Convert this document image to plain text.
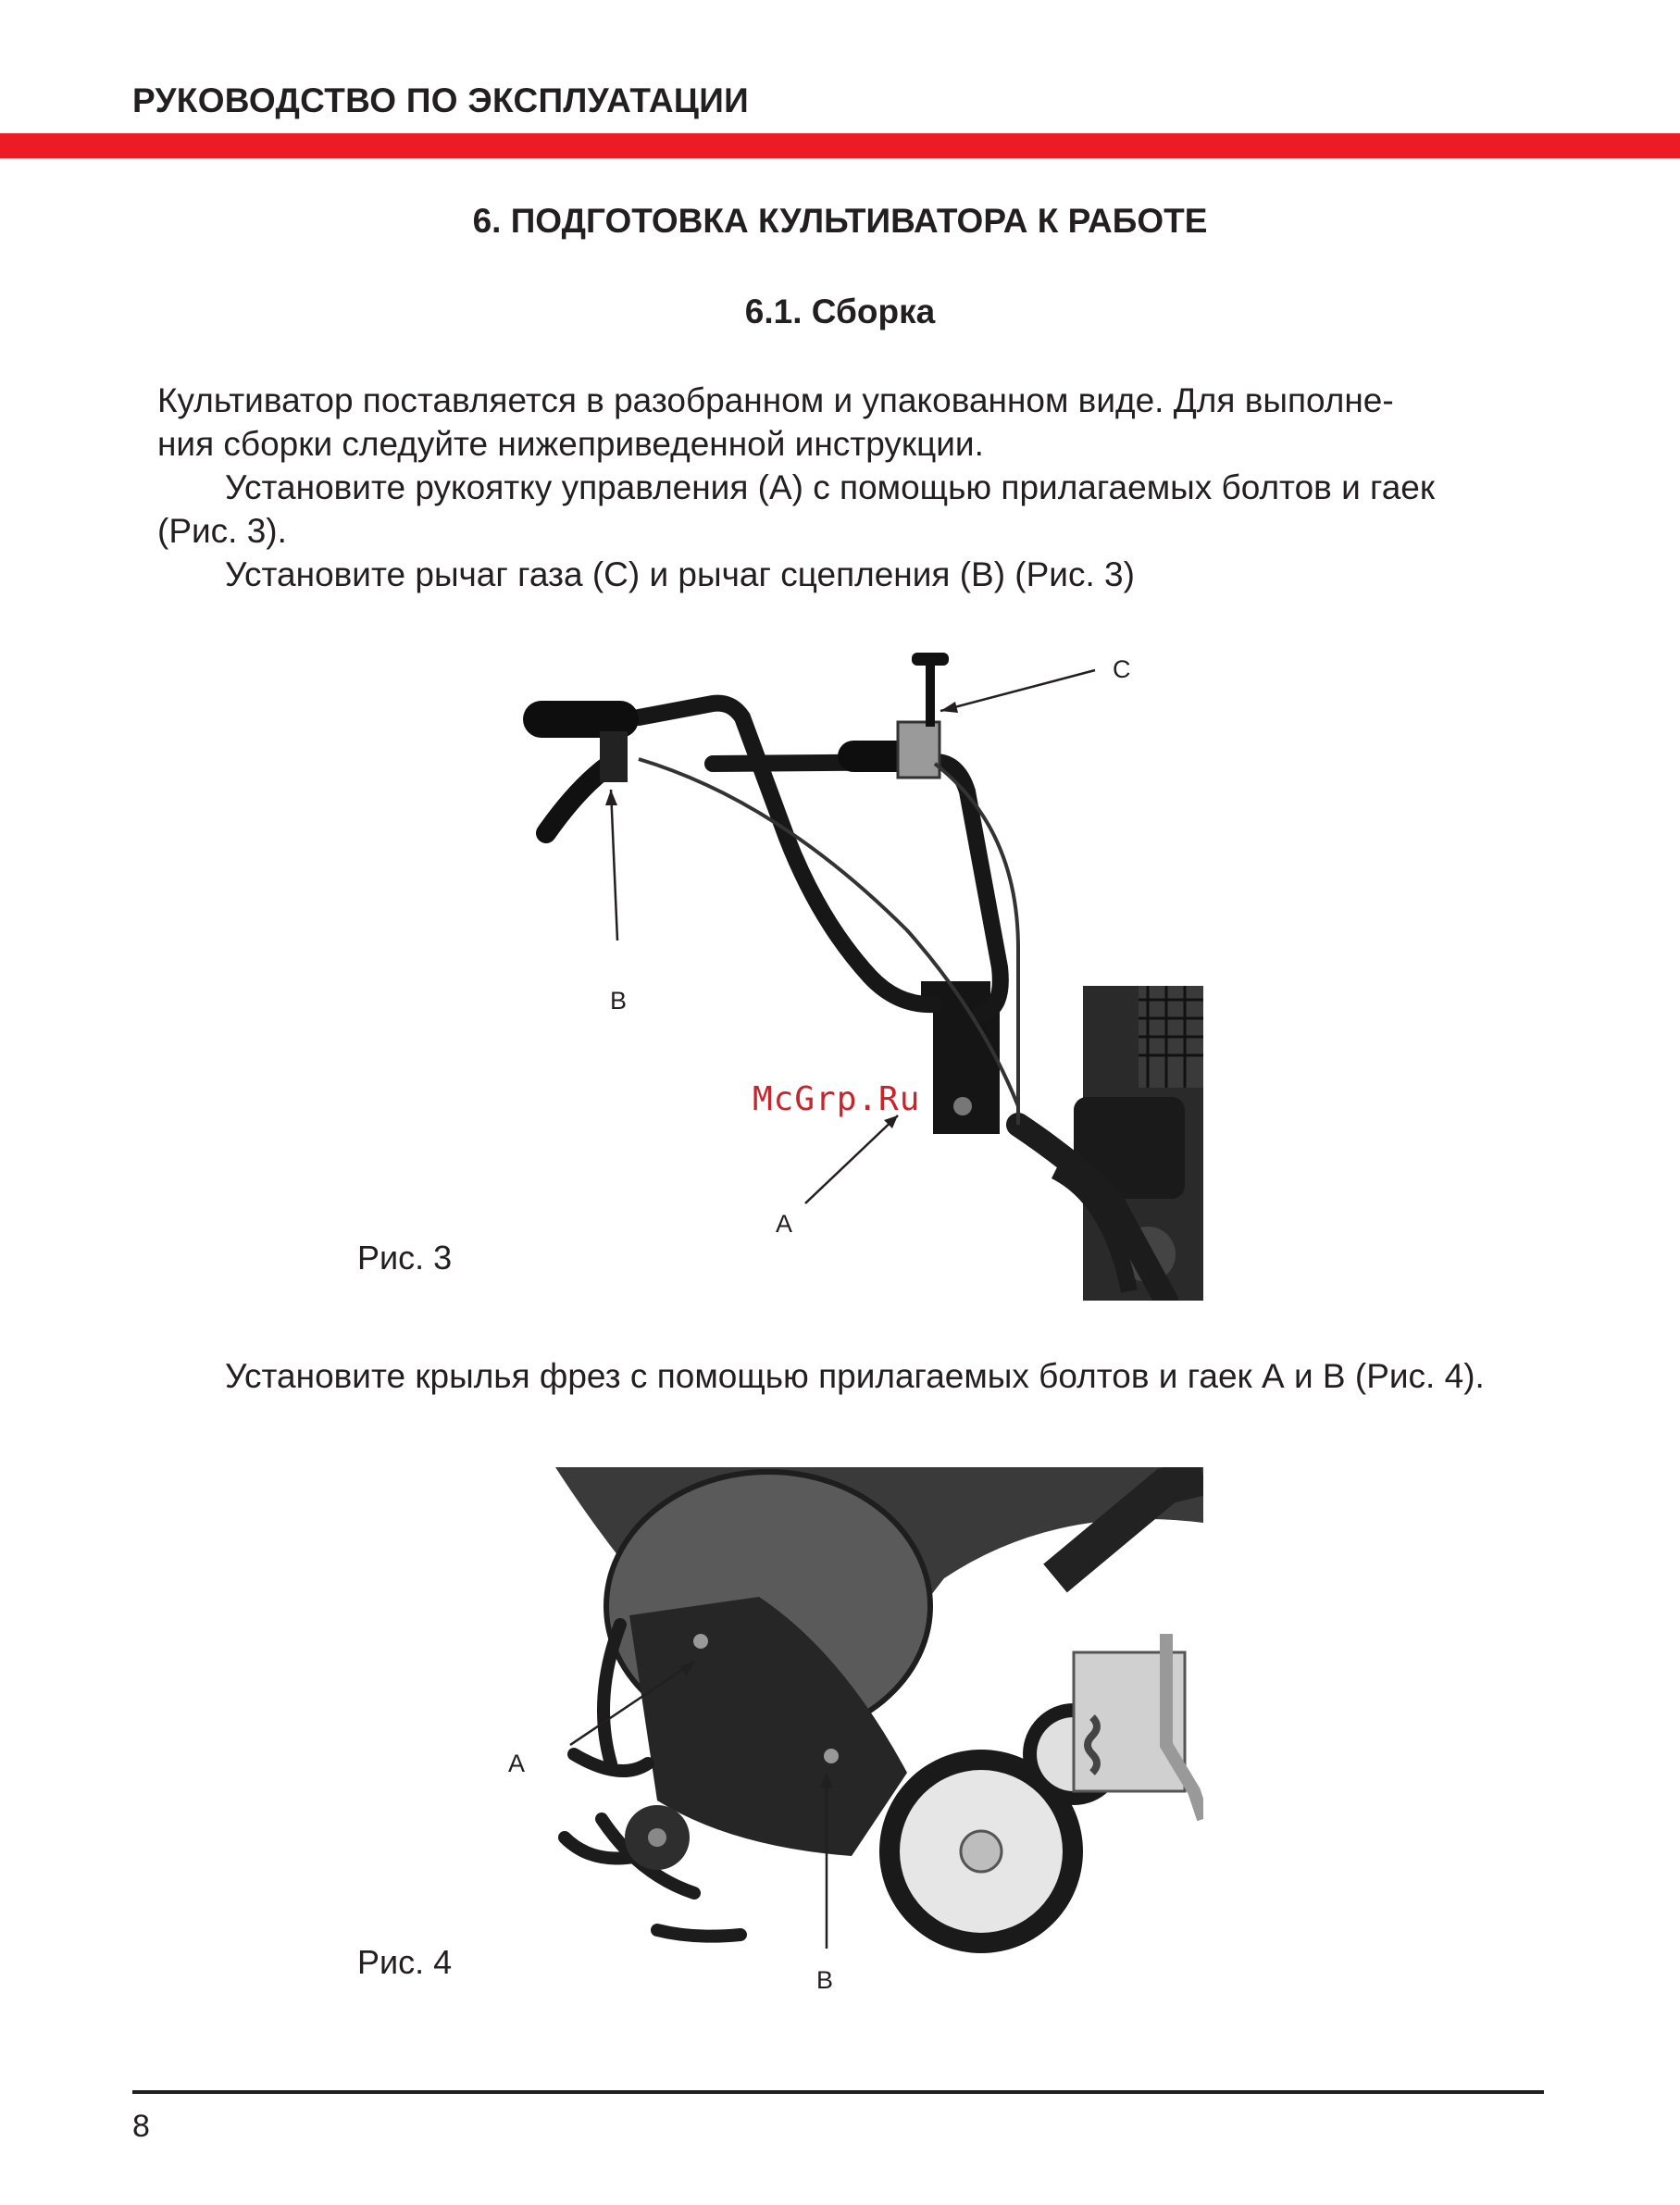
РУКОВОДСТВО ПО ЭКСПЛУАТАЦИИ
6. ПОДГОТОВКА КУЛЬТИВАТОРА К РАБОТЕ
6.1. Сборка

Культиватор поставляется в разобранном и упакованном виде. Для выполне-

ния сборки следуйте нижеприведенной инструкции.

Установите рукоятку управления (А) с помощью прилагаемых болтов и гаек

(Рис. 3).

Установите рычаг газа (С) и рычаг сцепления (В) (Рис. 3)

C
B
A
McGrp.Ru
Рис. 3
Установите крылья фрез с помощью прилагаемых болтов и гаек А и В (Рис. 4).
A
B
Рис. 4
8
